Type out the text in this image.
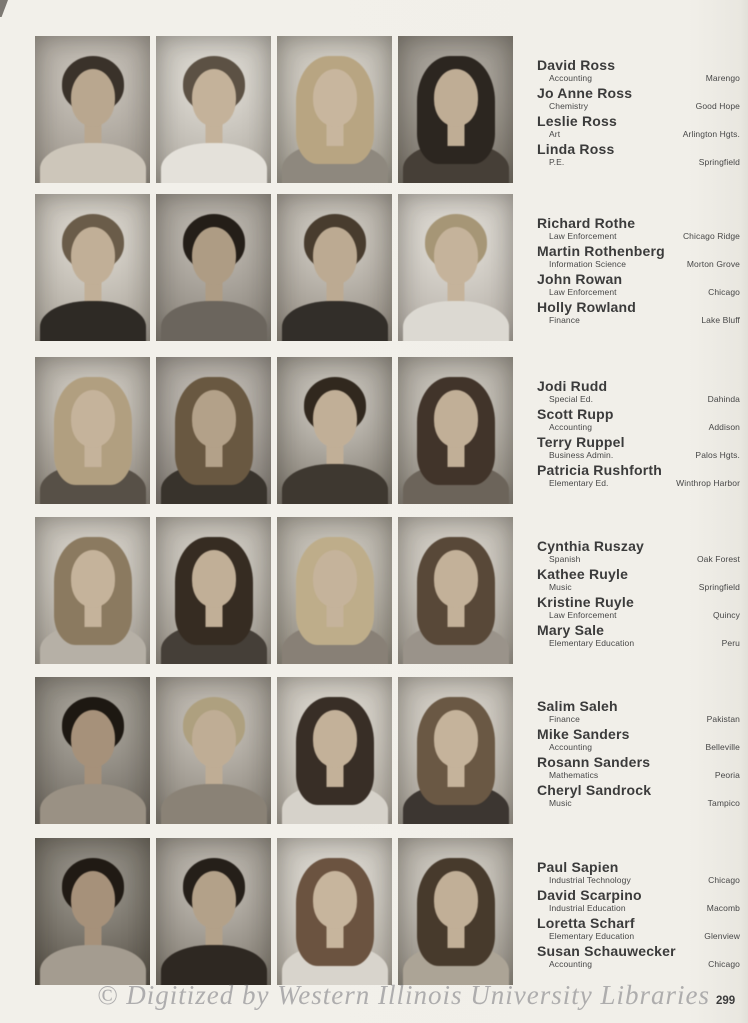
David Ross
Accounting	Marengo
Jo Anne Ross
Chemistry	Good Hope
Leslie Ross
Art	Arlington Hgts.
Linda Ross
P.E.	Springfield
Richard Rothe
Law Enforcement	Chicago Ridge
Martin Rothenberg
Information Science	Morton Grove
John Rowan
Law Enforcement	Chicago
Holly Rowland
Finance	Lake Bluff
Jodi Rudd
Special Ed.	Dahinda
Scott Rupp
Accounting	Addison
Terry Ruppel
Business Admin.	Palos Hgts.
Patricia Rushforth
Elementary Ed.	Winthrop Harbor
Cynthia Ruszay
Spanish	Oak Forest
Kathee Ruyle
Music	Springfield
Kristine Ruyle
Law Enforcement	Quincy
Mary Sale
Elementary Education	Peru
Salim Saleh
Finance	Pakistan
Mike Sanders
Accounting	Belleville
Rosann Sanders
Mathematics	Peoria
Cheryl Sandrock
Music	Tampico
Paul Sapien
Industrial Technology	Chicago
David Scarpino
Industrial Education	Macomb
Loretta Scharf
Elementary Education	Glenview
Susan Schauwecker
Accounting	Chicago
© Digitized by Western Illinois University Libraries 299
